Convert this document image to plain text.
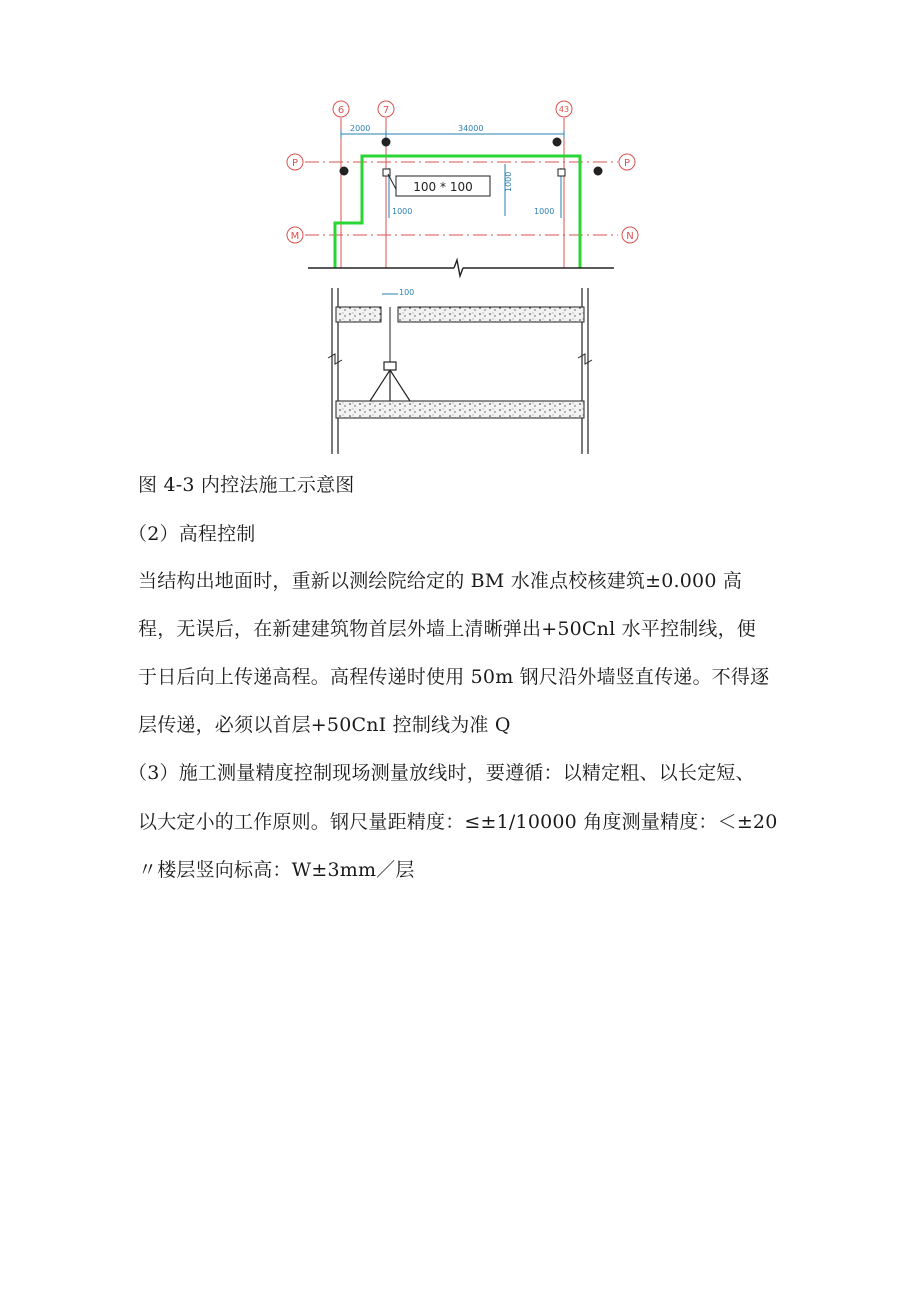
6	7	43
P	P
M	N
2000	34000
1000
1000	1000
100 * 100
100
图 4-3 内控法施工示意图
（2）高程控制
当结构出地面时，重新以测绘院给定的 BM 水准点校核建筑±0.000 高
程，无误后，在新建建筑物首层外墙上清晰弹出+50Cnl 水平控制线，便
于日后向上传递高程。高程传递时使用 50m 钢尺沿外墙竖直传递。不得逐
层传递，必须以首层+50CnI 控制线为准 Q
（3）施工测量精度控制现场测量放线时，要遵循：以精定粗、以长定短、
以大定小的工作原则。钢尺量距精度：≤±1/10000 角度测量精度：＜±20
〃楼层竖向标高：W±3mm／层
